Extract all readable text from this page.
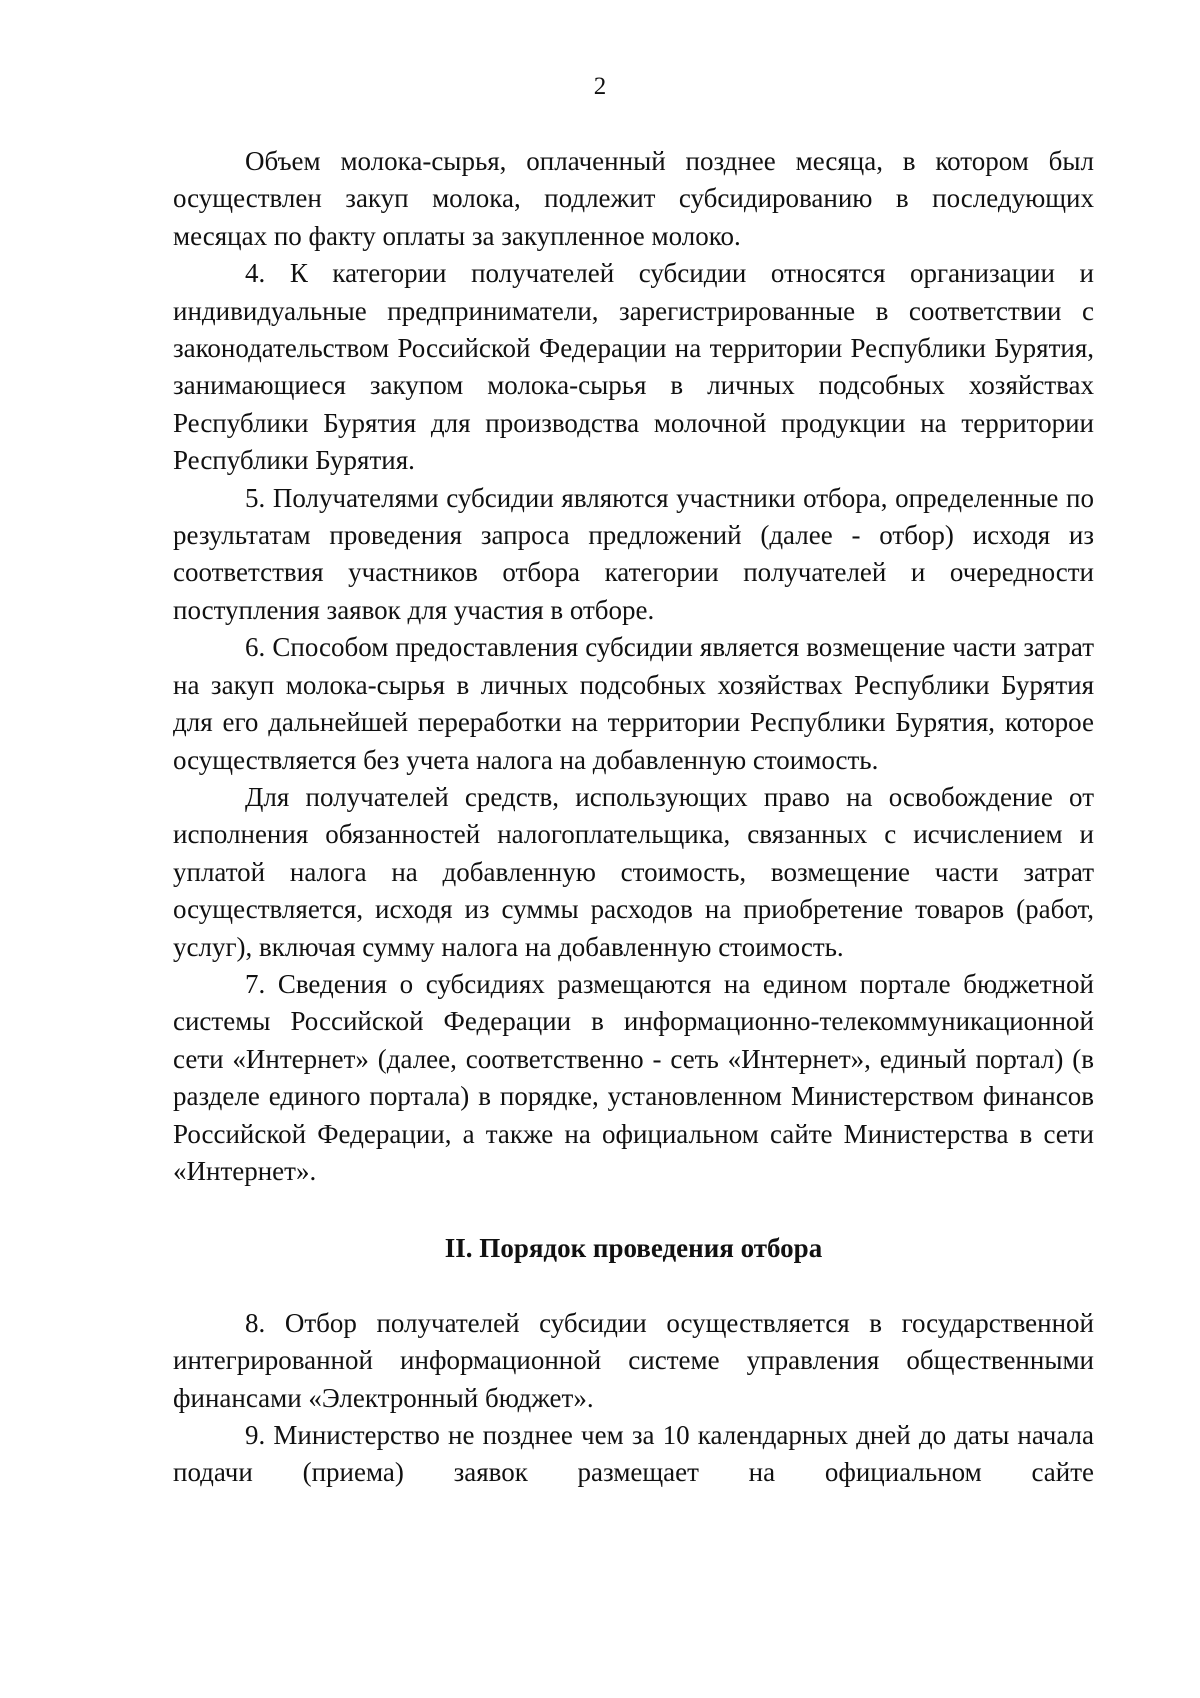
2

Объем молока-сырья, оплаченный позднее месяца, в котором был осуществлен закуп молока, подлежит субсидированию в последующих месяцах по факту оплаты за закупленное молоко.

4. К категории получателей субсидии относятся организации и индивидуальные предприниматели, зарегистрированные в соответствии с законодательством Российской Федерации на территории Республики Бурятия, занимающиеся закупом молока-сырья в личных подсобных хозяйствах Республики Бурятия для производства молочной продукции на территории Республики Бурятия.

5. Получателями субсидии являются участники отбора, определенные по результатам проведения запроса предложений (далее - отбор) исходя из соответствия участников отбора категории получателей и очередности поступления заявок для участия в отборе.

6. Способом предоставления субсидии является возмещение части затрат на закуп молока-сырья в личных подсобных хозяйствах Республики Бурятия для его дальнейшей переработки на территории Республики Бурятия, которое осуществляется без учета налога на добавленную стоимость.

Для получателей средств, использующих право на освобождение от исполнения обязанностей налогоплательщика, связанных с исчислением и уплатой налога на добавленную стоимость, возмещение части затрат осуществляется, исходя из суммы расходов на приобретение товаров (работ, услуг), включая сумму налога на добавленную стоимость.

7. Сведения о субсидиях размещаются на едином портале бюджетной системы Российской Федерации в информационно-телекоммуникационной сети «Интернет» (далее, соответственно - сеть «Интернет», единый портал) (в разделе единого портала) в порядке, установленном Министерством финансов Российской Федерации, а также на официальном сайте Министерства в сети «Интернет».

II. Порядок проведения отбора

8. Отбор получателей субсидии осуществляется в государственной интегрированной информационной системе управления общественными финансами «Электронный бюджет».

9. Министерство не позднее чем за 10 календарных дней до даты начала подачи (приема) заявок размещает на официальном сайте
